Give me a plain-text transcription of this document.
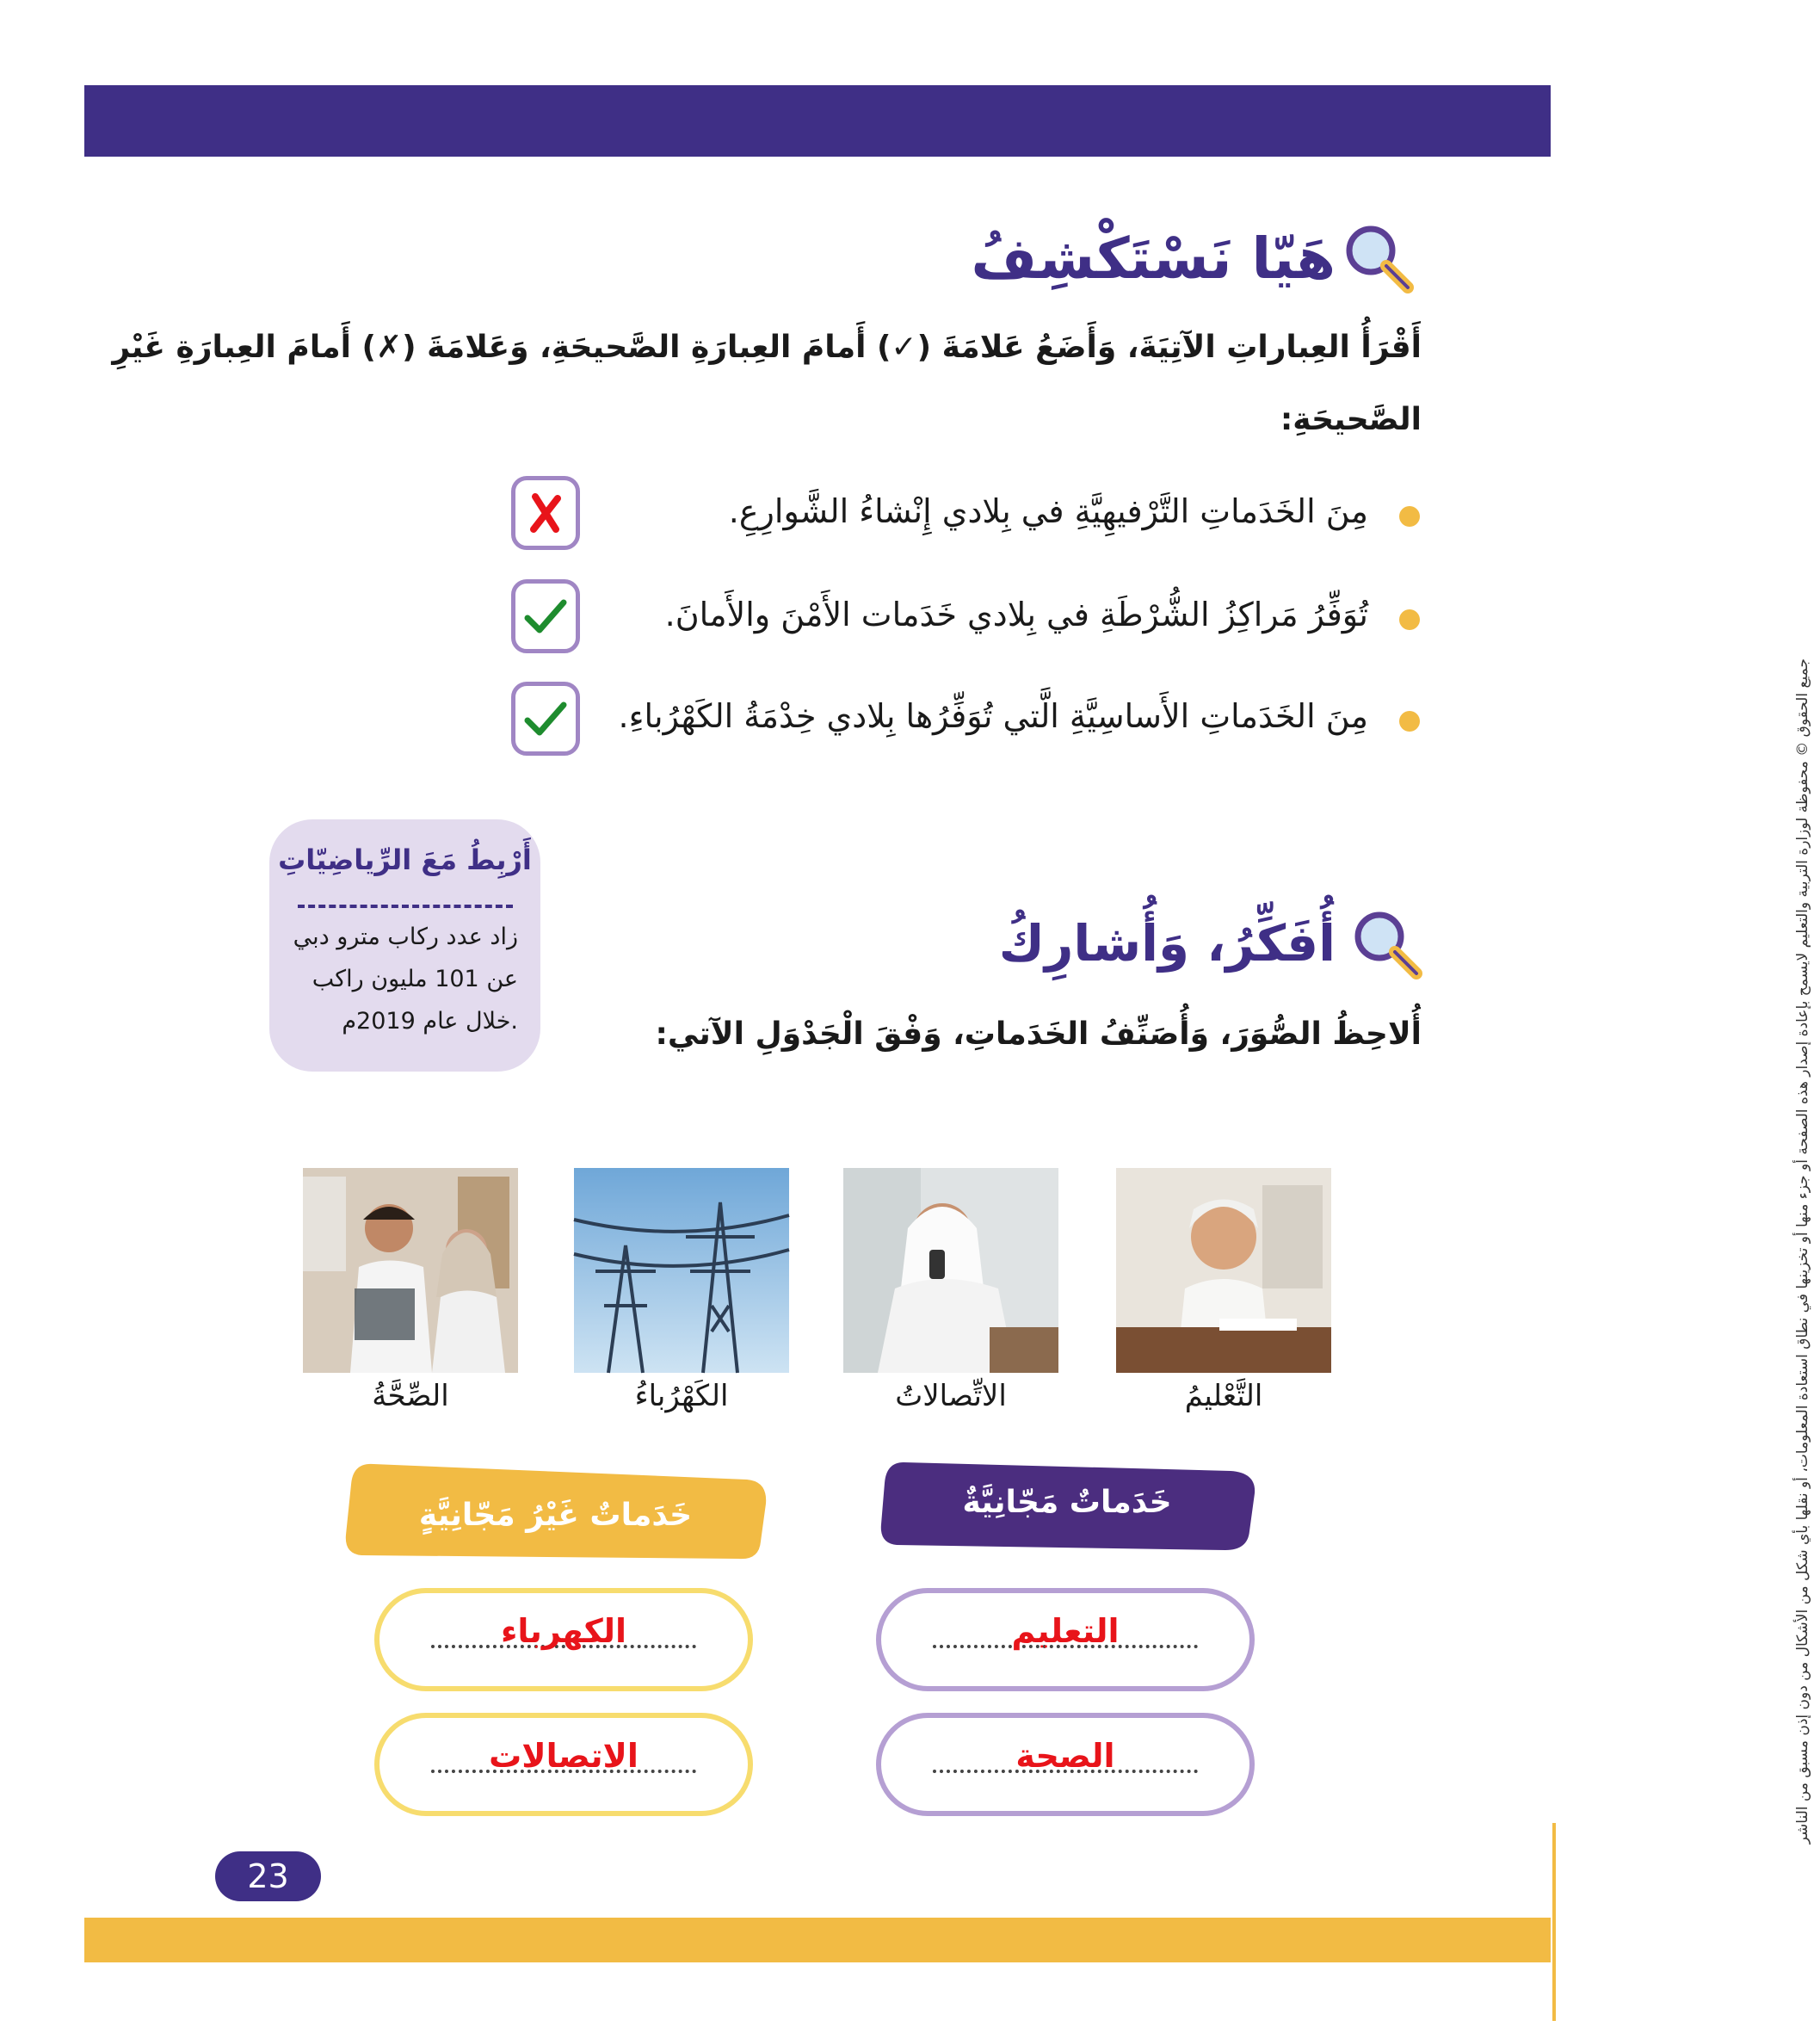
هَيّا نَسْتَكْشِفُ
أَقْرَأُ العِباراتِ الآتِيَةَ، وَأَضَعُ عَلامَةَ (✓) أَمامَ العِبارَةِ الصَّحيحَةِ، وَعَلامَةَ (✗) أَمامَ العِبارَةِ غَيْرِ
الصَّحيحَةِ:
مِنَ الخَدَماتِ التَّرْفيهِيَّةِ في بِلادي إِنْشاءُ الشَّوارِعِ.
تُوَفِّرُ مَراكِزُ الشُّرْطَةِ في بِلادي خَدَمات الأَمْنَ والأَمانَ.
مِنَ الخَدَماتِ الأَساسِيَّةِ الَّتي تُوَفِّرُها بِلادي خِدْمَةُ الكَهْرُباءِ.
أَرْبِطُ مَعَ الرِّياضِيّاتِ
زاد عدد ركاب مترو دبي
عن 101 مليون راكب
خلال عام 2019م.
أُفَكِّرُ، وَأُشارِكُ
أُلاحِظُ الصُّوَرَ، وَأُصَنِّفُ الخَدَماتِ، وَفْقَ الْجَدْوَلِ الآتي:
التَّعْليمُ
الاتِّصالاتُ
الكَهْرُباءُ
الصِّحَّةُ
خَدَماتٌ مَجّانِيَّةٌ
خَدَماتٌ غَيْرُ مَجّانِيَّةٍ
التعليم
الصحة
الكهرباء
الاتصالات
23
جميع الحقوق © محفوظة لوزارة التربية والتعليم لايسمح بإعادة إصدار هذه الصفحة أو جزء منها أو تخزينها في نطاق استعادة المعلومات، أو نقلها بأي شكل من الأشكال من دون إذن مسبق من الناشر
